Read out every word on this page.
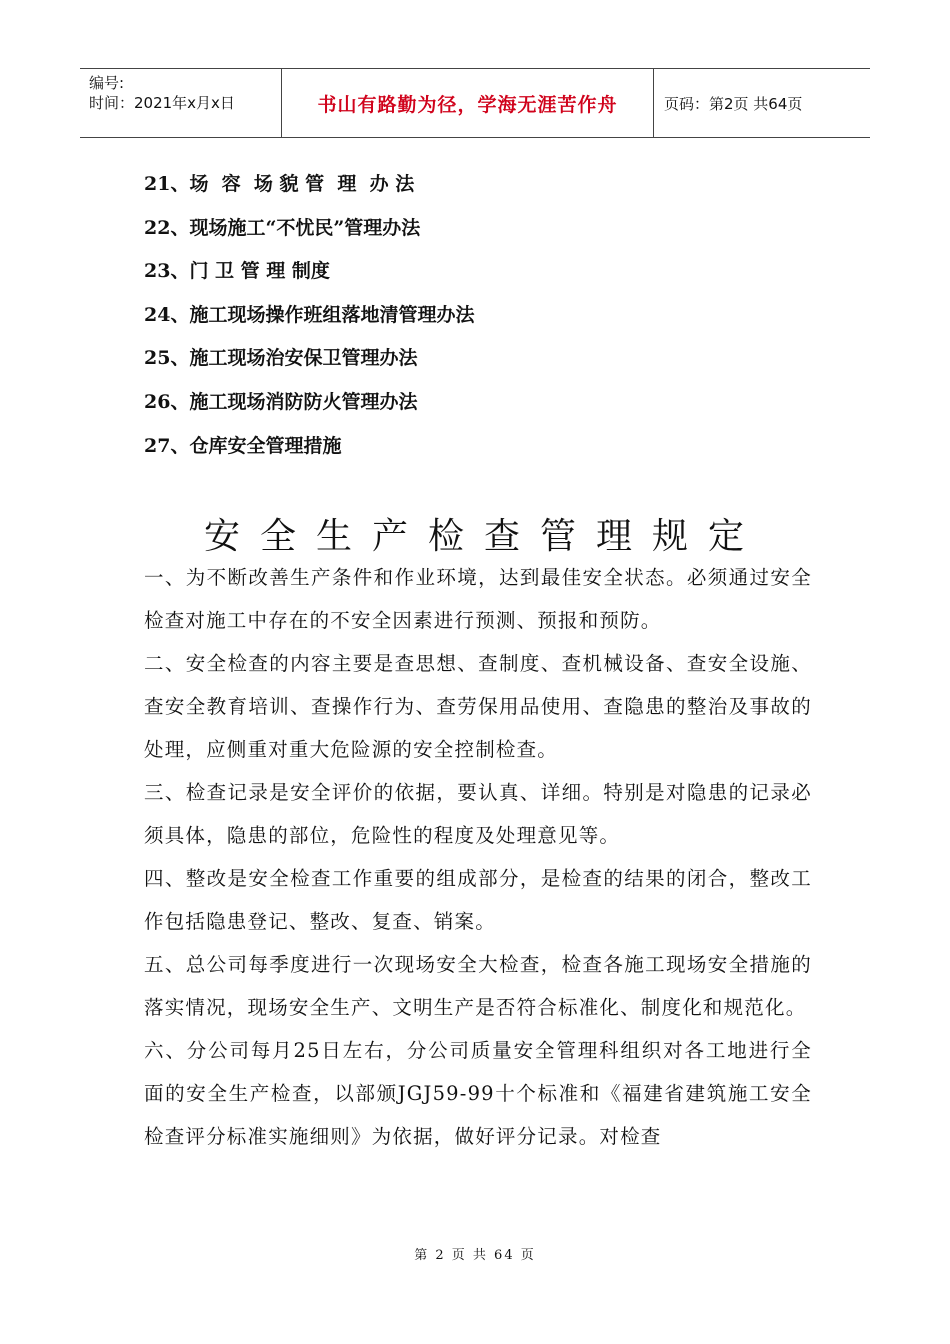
编号:
时间：2021年x月x日	书山有路勤为径，学海无涯苦作舟	页码：第2页 共64页
21、场  容  场 貌 管  理  办 法
22、现场施工“不忧民”管理办法
23、门 卫 管 理 制度
24、施工现场操作班组落地清管理办法
25、施工现场治安保卫管理办法
26、施工现场消防防火管理办法
27、仓库安全管理措施
安全生产检查管理规定

一、为不断改善生产条件和作业环境，达到最佳安全状态。必须通过安全检查对施工中存在的不安全因素进行预测、预报和预防。

二、安全检查的内容主要是查思想、查制度、查机械设备、查安全设施、查安全教育培训、查操作行为、查劳保用品使用、查隐患的整治及事故的处理，应侧重对重大危险源的安全控制检查。

三、检查记录是安全评价的依据，要认真、详细。特别是对隐患的记录必须具体，隐患的部位，危险性的程度及处理意见等。

四、整改是安全检查工作重要的组成部分，是检查的结果的闭合，整改工作包括隐患登记、整改、复查、销案。

五、总公司每季度进行一次现场安全大检查，检查各施工现场安全措施的落实情况，现场安全生产、文明生产是否符合标准化、制度化和规范化。

六、分公司每月25日左右，分公司质量安全管理科组织对各工地进行全面的安全生产检查，以部颁JGJ59-99十个标准和《福建省建筑施工安全检查评分标准实施细则》为依据，做好评分记录。对检查

第 2 页 共 64 页
